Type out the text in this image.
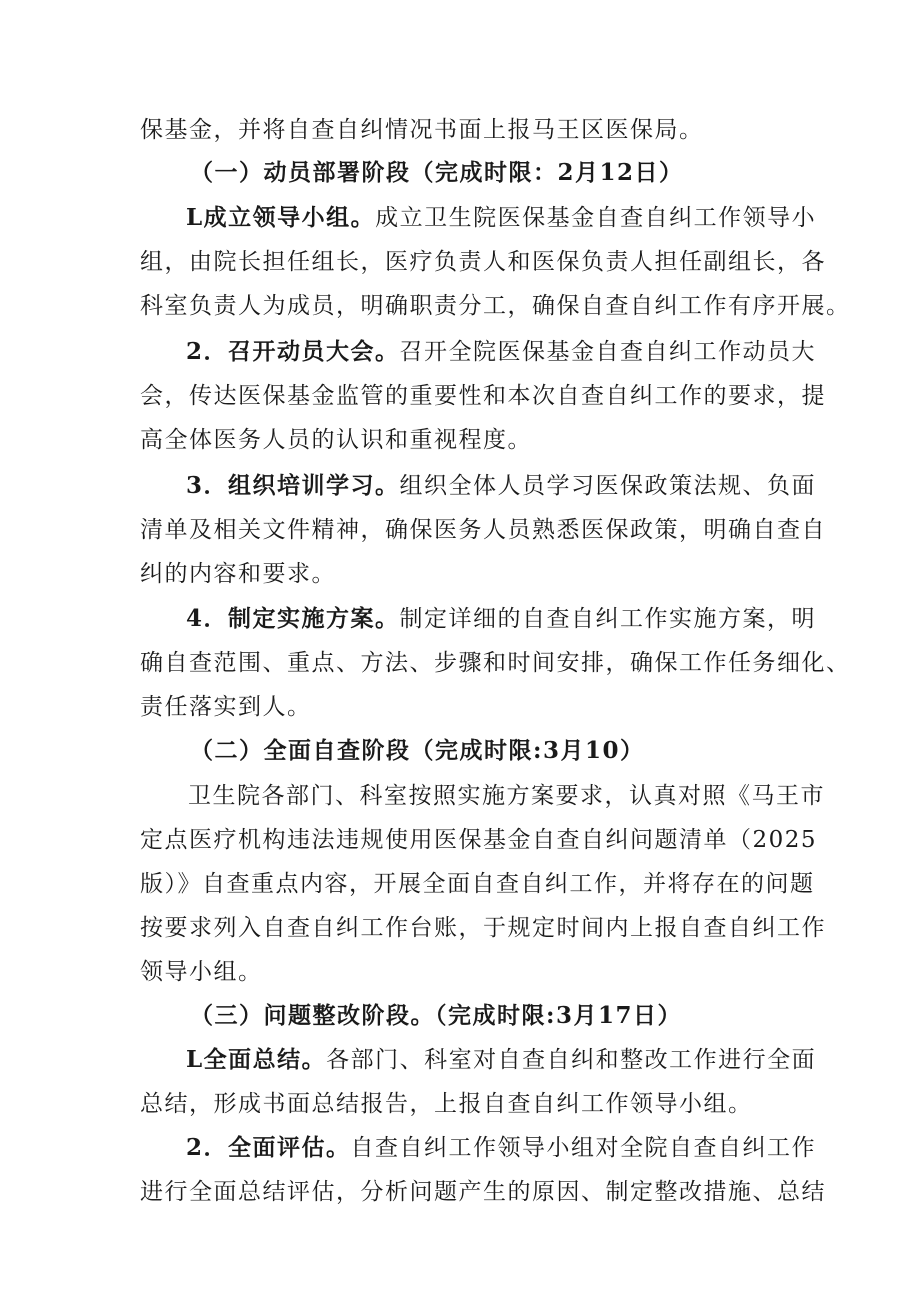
保基金，并将自查自纠情况书面上报马王区医保局。
（一）动员部署阶段（完成时限：2月12日）
L成立领导小组。成立卫生院医保基金自查自纠工作领导小
组，由院长担任组长，医疗负责人和医保负责人担任副组长，各
科室负责人为成员，明确职责分工，确保自查自纠工作有序开展。
2．召开动员大会。召开全院医保基金自查自纠工作动员大
会，传达医保基金监管的重要性和本次自查自纠工作的要求，提
高全体医务人员的认识和重视程度。
3．组织培训学习。组织全体人员学习医保政策法规、负面
清单及相关文件精神，确保医务人员熟悉医保政策，明确自查自
纠的内容和要求。
4．制定实施方案。制定详细的自查自纠工作实施方案，明
确自查范围、重点、方法、步骤和时间安排，确保工作任务细化、
责任落实到人。
（二）全面自查阶段（完成时限:3月10）
卫生院各部门、科室按照实施方案要求，认真对照《马王市
定点医疗机构违法违规使用医保基金自查自纠问题清单（2025
版）》自查重点内容，开展全面自查自纠工作，并将存在的问题
按要求列入自查自纠工作台账，于规定时间内上报自查自纠工作
领导小组。
（三）问题整改阶段。（完成时限:3月17日）
L全面总结。各部门、科室对自查自纠和整改工作进行全面
总结，形成书面总结报告，上报自查自纠工作领导小组。
2．全面评估。自查自纠工作领导小组对全院自查自纠工作
进行全面总结评估，分析问题产生的原因、制定整改措施、总结
